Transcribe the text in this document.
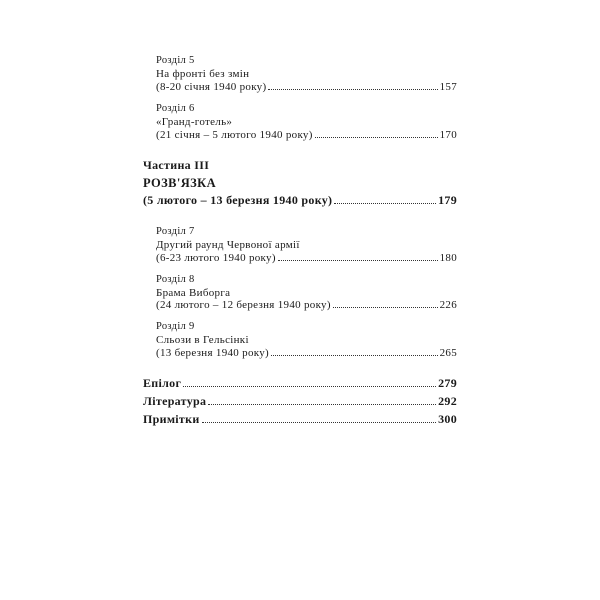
Розділ 5
На фронті без змін
(8-20 січня 1940 року)	157
Розділ 6
«Гранд-готель»
(21 січня – 5 лютого 1940 року)	170
Частина III
РОЗВ'ЯЗКА
(5 лютого – 13 березня 1940 року)	179
Розділ 7
Другий раунд Червоної армії
(6-23 лютого 1940 року)	180
Розділ 8
Брама Виборга
(24 лютого – 12 березня 1940 року)	226
Розділ 9
Сльози в Гельсінкі
(13 березня 1940 року)	265
Епілог	279
Література	292
Примітки	300
